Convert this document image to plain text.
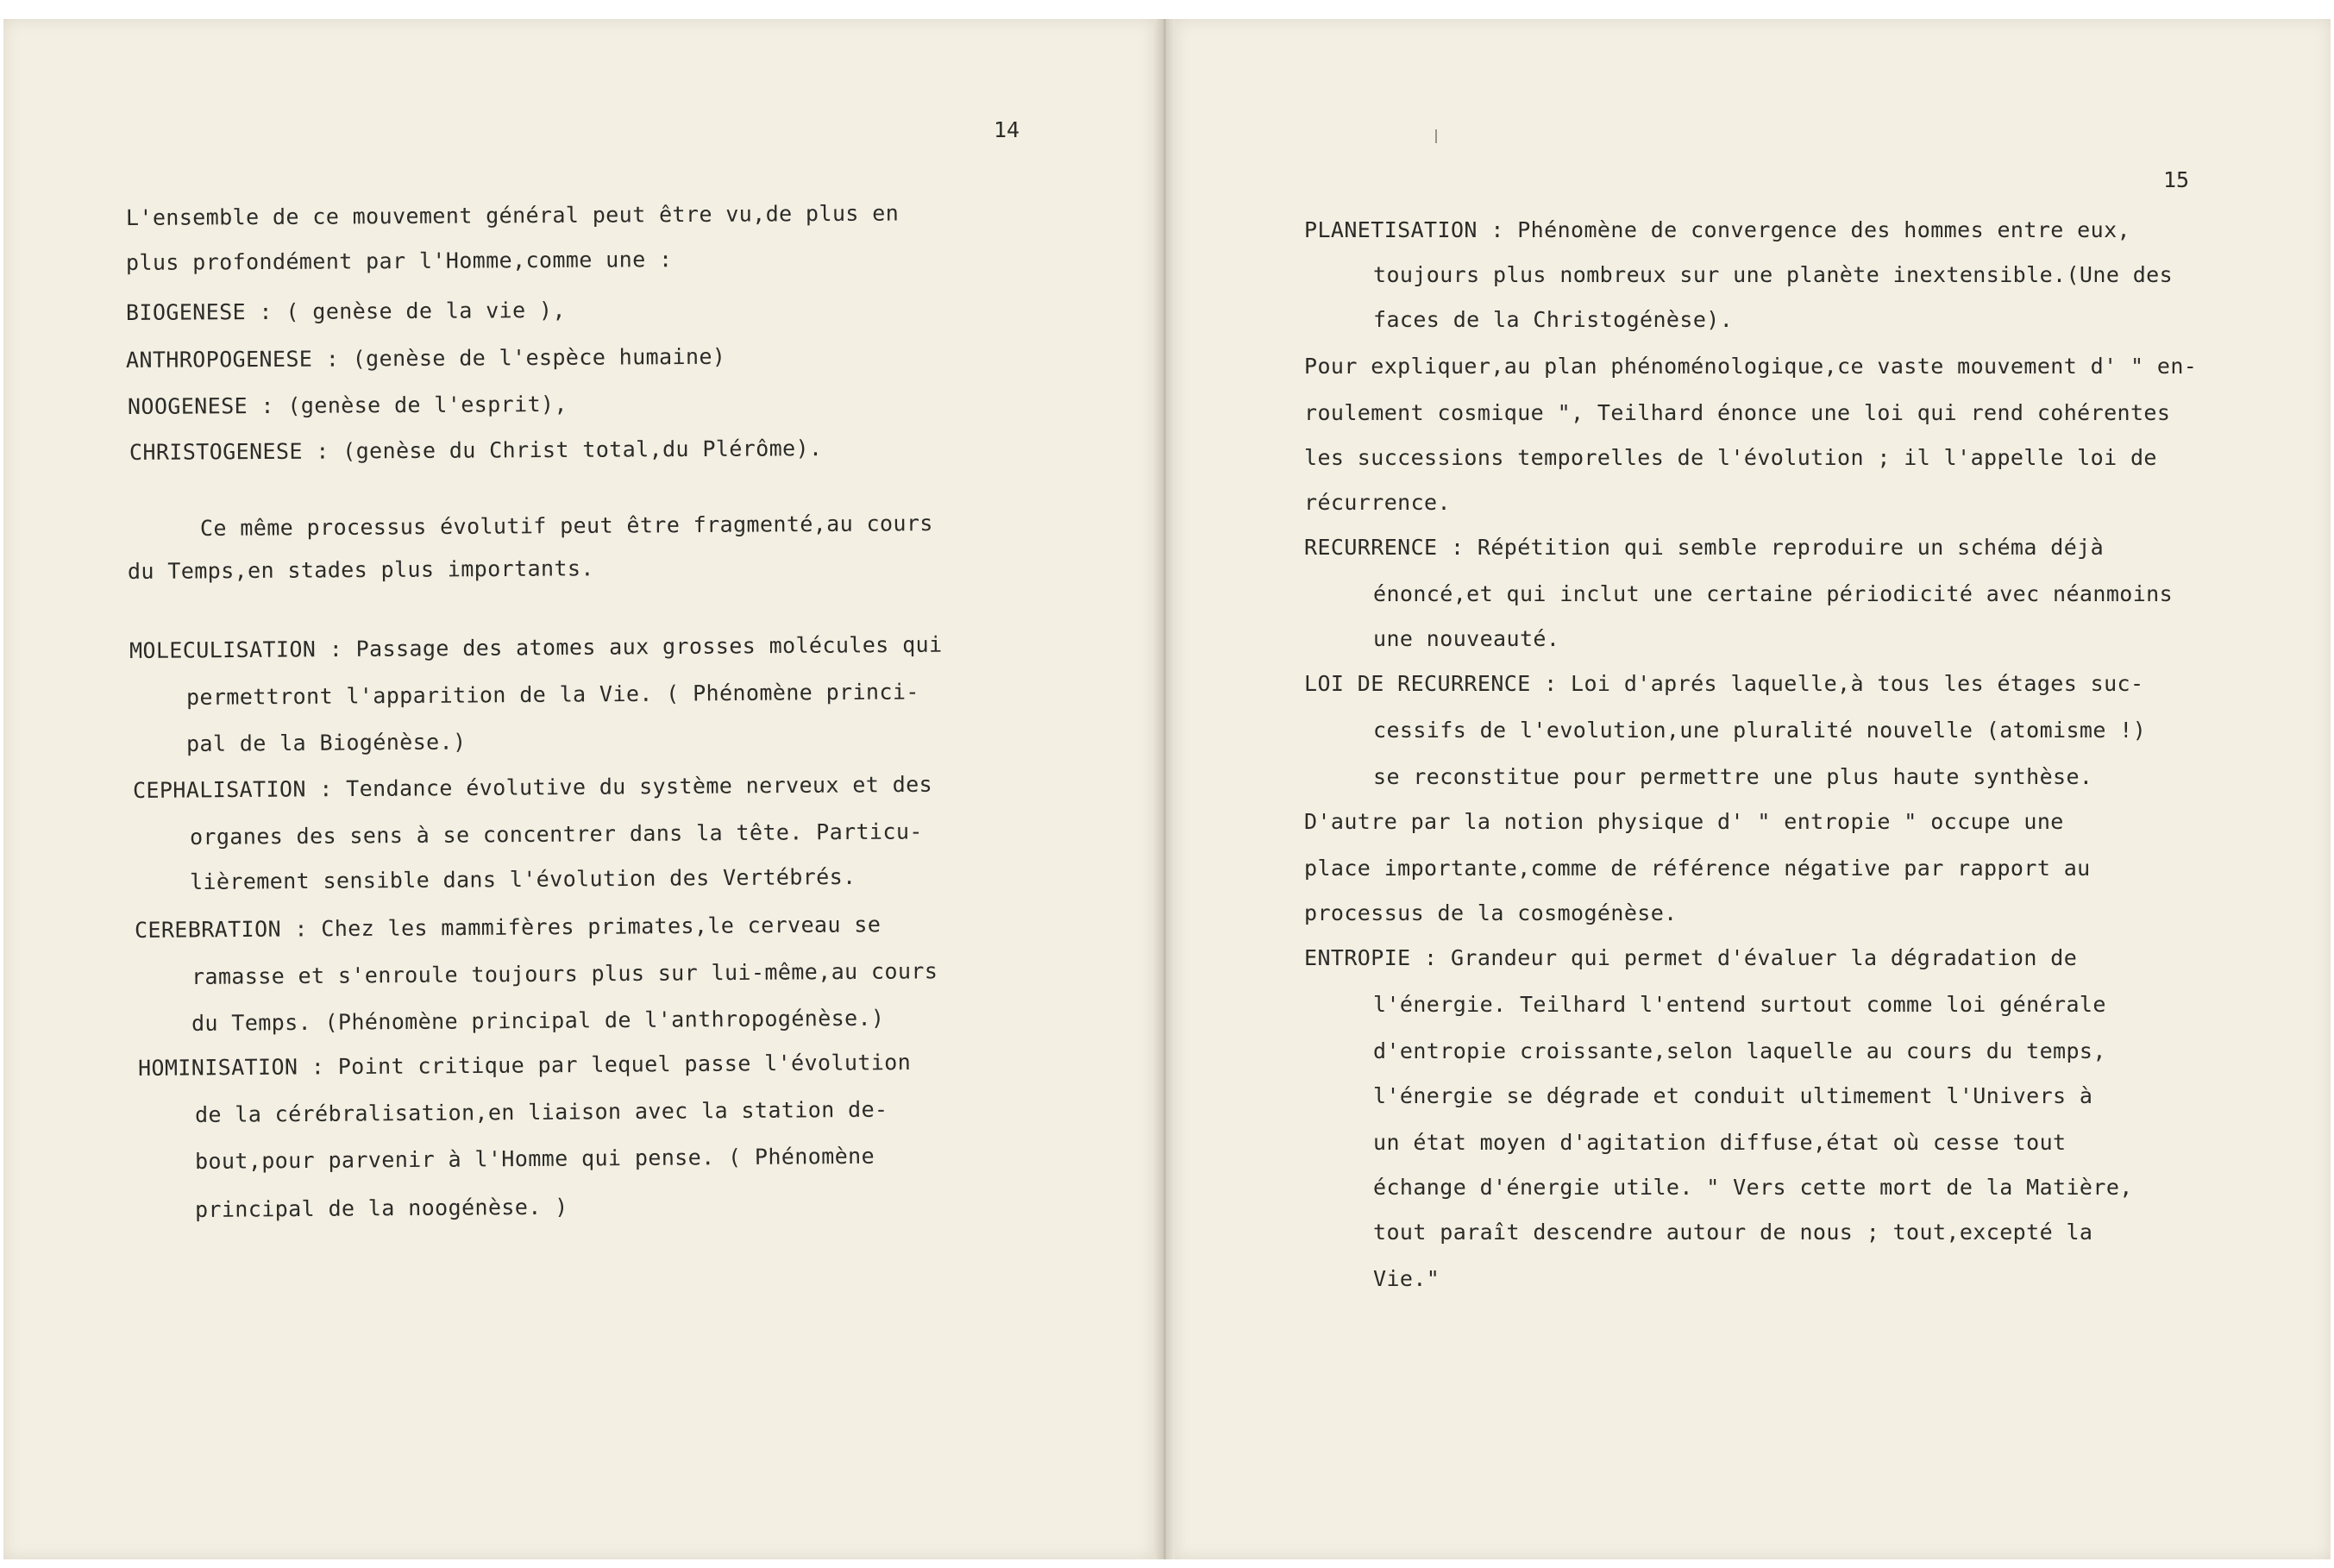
14
L'ensemble de ce mouvement général peut être vu,de plus en
plus profondément par l'Homme,comme une :
BIOGENESE : ( genèse de la vie ),
ANTHROPOGENESE : (genèse de l'espèce humaine)
NOOGENESE : (genèse de l'esprit),
CHRISTOGENESE : (genèse du Christ total,du Plérôme).
Ce même processus évolutif peut être fragmenté,au cours
du Temps,en stades plus importants.
MOLECULISATION : Passage des atomes aux grosses molécules qui
permettront l'apparition de la Vie. ( Phénomène princi-
pal de la Biogénèse.)
CEPHALISATION : Tendance évolutive du système nerveux et des
organes des sens à se concentrer dans la tête. Particu-
lièrement sensible dans l'évolution des Vertébrés.
CEREBRATION : Chez les mammifères primates,le cerveau se
ramasse et s'enroule toujours plus sur lui-même,au cours
du Temps. (Phénomène principal de l'anthropogénèse.)
HOMINISATION : Point critique par lequel passe l'évolution
de la cérébralisation,en liaison avec la station de-
bout,pour parvenir à l'Homme qui pense. ( Phénomène
principal de la noogénèse. )
15
PLANETISATION : Phénomène de convergence des hommes entre eux,
toujours plus nombreux sur une planète inextensible.(Une des
faces de la Christogénèse).
Pour expliquer,au plan phénoménologique,ce vaste mouvement d' " en-
roulement cosmique ", Teilhard énonce une loi qui rend cohérentes
les successions temporelles de l'évolution ; il l'appelle loi de
récurrence.
RECURRENCE : Répétition qui semble reproduire un schéma déjà
énoncé,et qui inclut une certaine périodicité avec néanmoins
une nouveauté.
LOI DE RECURRENCE : Loi d'aprés laquelle,à tous les étages suc-
cessifs de l'evolution,une pluralité nouvelle (atomisme !)
se reconstitue pour permettre une plus haute synthèse.
D'autre par la notion physique d' " entropie " occupe une
place importante,comme de référence négative par rapport au
processus de la cosmogénèse.
ENTROPIE : Grandeur qui permet d'évaluer la dégradation de
l'énergie. Teilhard l'entend surtout comme loi générale
d'entropie croissante,selon laquelle au cours du temps,
l'énergie se dégrade et conduit ultimement l'Univers à
un état moyen d'agitation diffuse,état où cesse tout
échange d'énergie utile. " Vers cette mort de la Matière,
tout paraît descendre autour de nous ; tout,excepté la
Vie."
